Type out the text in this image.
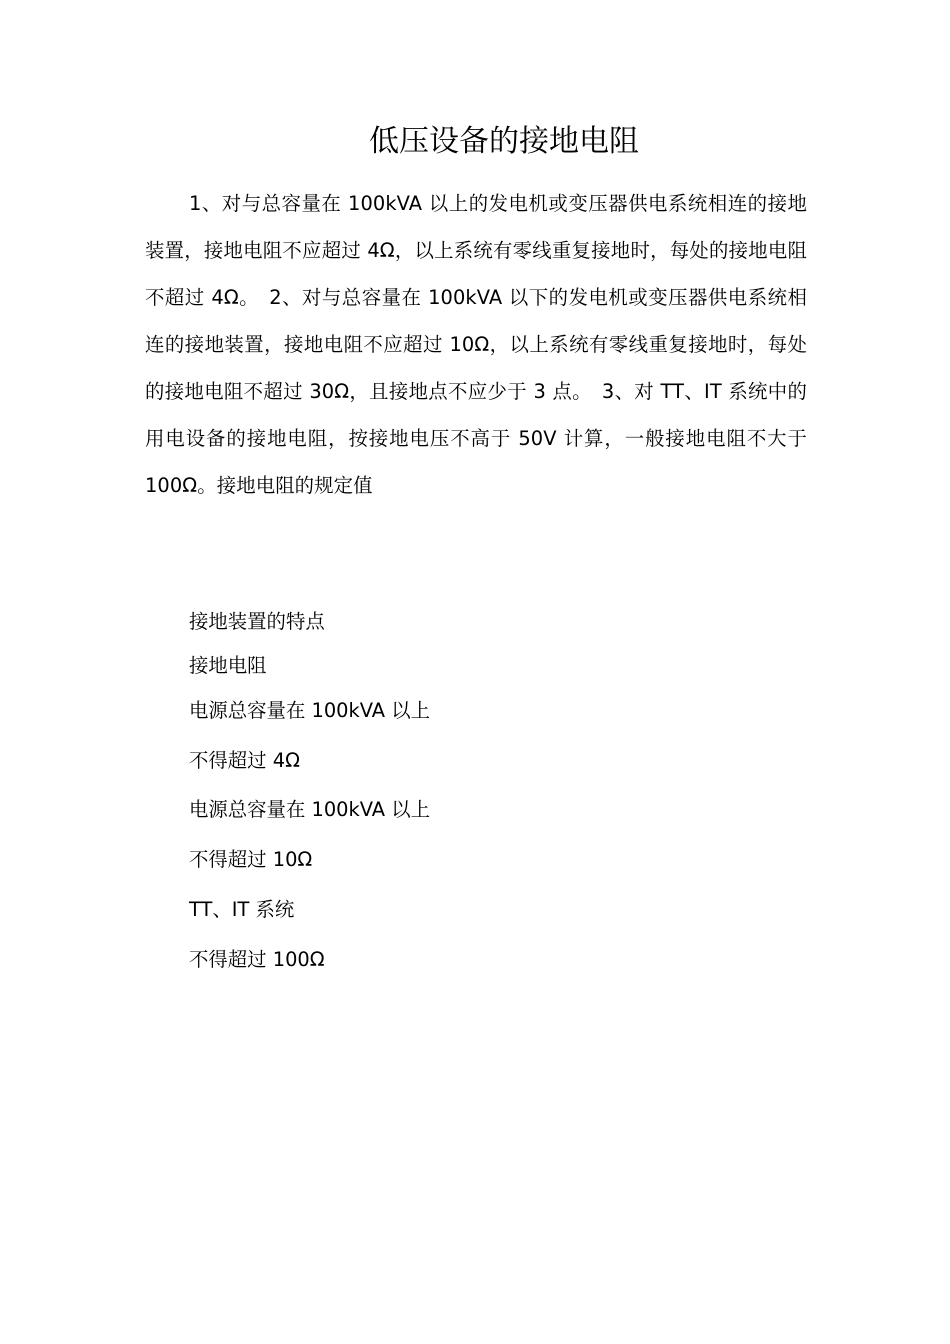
低压设备的接地电阻

1、对与总容量在 100kVA 以上的发电机或变压器供电系统相连的接地装置，接地电阻不应超过 4Ω，以上系统有零线重复接地时，每处的接地电阻不超过 4Ω。　2、对与总容量在 100kVA 以下的发电机或变压器供电系统相连的接地装置，接地电阻不应超过 10Ω，以上系统有零线重复接地时，每处的接地电阻不超过 30Ω，且接地点不应少于 3 点。　3、对 TT、IT 系统中的用电设备的接地电阻，按接地电压不高于 50V 计算，一般接地电阻不大于 100Ω。接地电阻的规定值

接地装置的特点
接地电阻
电源总容量在 100kVA 以上
不得超过 4Ω
电源总容量在 100kVA 以上
不得超过 10Ω
TT、IT 系统
不得超过 100Ω
